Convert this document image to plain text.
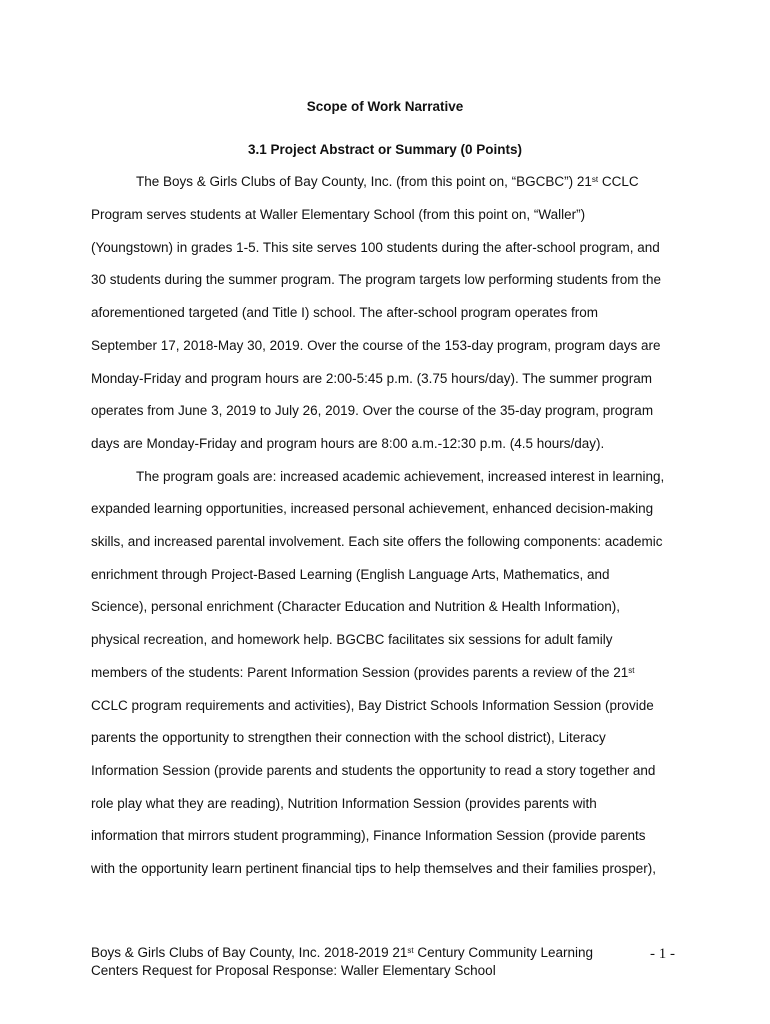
Scope of Work Narrative
3.1 Project Abstract or Summary (0 Points)
The Boys & Girls Clubs of Bay County, Inc. (from this point on, “BGCBC”) 21st CCLC
Program serves students at Waller Elementary School (from this point on, “Waller”)
(Youngstown) in grades 1-5. This site serves 100 students during the after-school program, and
30 students during the summer program. The program targets low performing students from the
aforementioned targeted (and Title I) school. The after-school program operates from
September 17, 2018-May 30, 2019. Over the course of the 153-day program, program days are
Monday-Friday and program hours are 2:00-5:45 p.m. (3.75 hours/day). The summer program
operates from June 3, 2019 to July 26, 2019. Over the course of the 35-day program, program
days are Monday-Friday and program hours are 8:00 a.m.-12:30 p.m. (4.5 hours/day).
The program goals are: increased academic achievement, increased interest in learning,
expanded learning opportunities, increased personal achievement, enhanced decision-making
skills, and increased parental involvement. Each site offers the following components: academic
enrichment through Project-Based Learning (English Language Arts, Mathematics, and
Science), personal enrichment (Character Education and Nutrition & Health Information),
physical recreation, and homework help. BGCBC facilitates six sessions for adult family
members of the students: Parent Information Session (provides parents a review of the 21st
CCLC program requirements and activities), Bay District Schools Information Session (provide
parents the opportunity to strengthen their connection with the school district), Literacy
Information Session (provide parents and students the opportunity to read a story together and
role play what they are reading), Nutrition Information Session (provides parents with
information that mirrors student programming), Finance Information Session (provide parents
with the opportunity learn pertinent financial tips to help themselves and their families prosper),
Boys & Girls Clubs of Bay County, Inc. 2018-2019 21st Century Community Learning
Centers Request for Proposal Response: Waller Elementary School
- 1 -
